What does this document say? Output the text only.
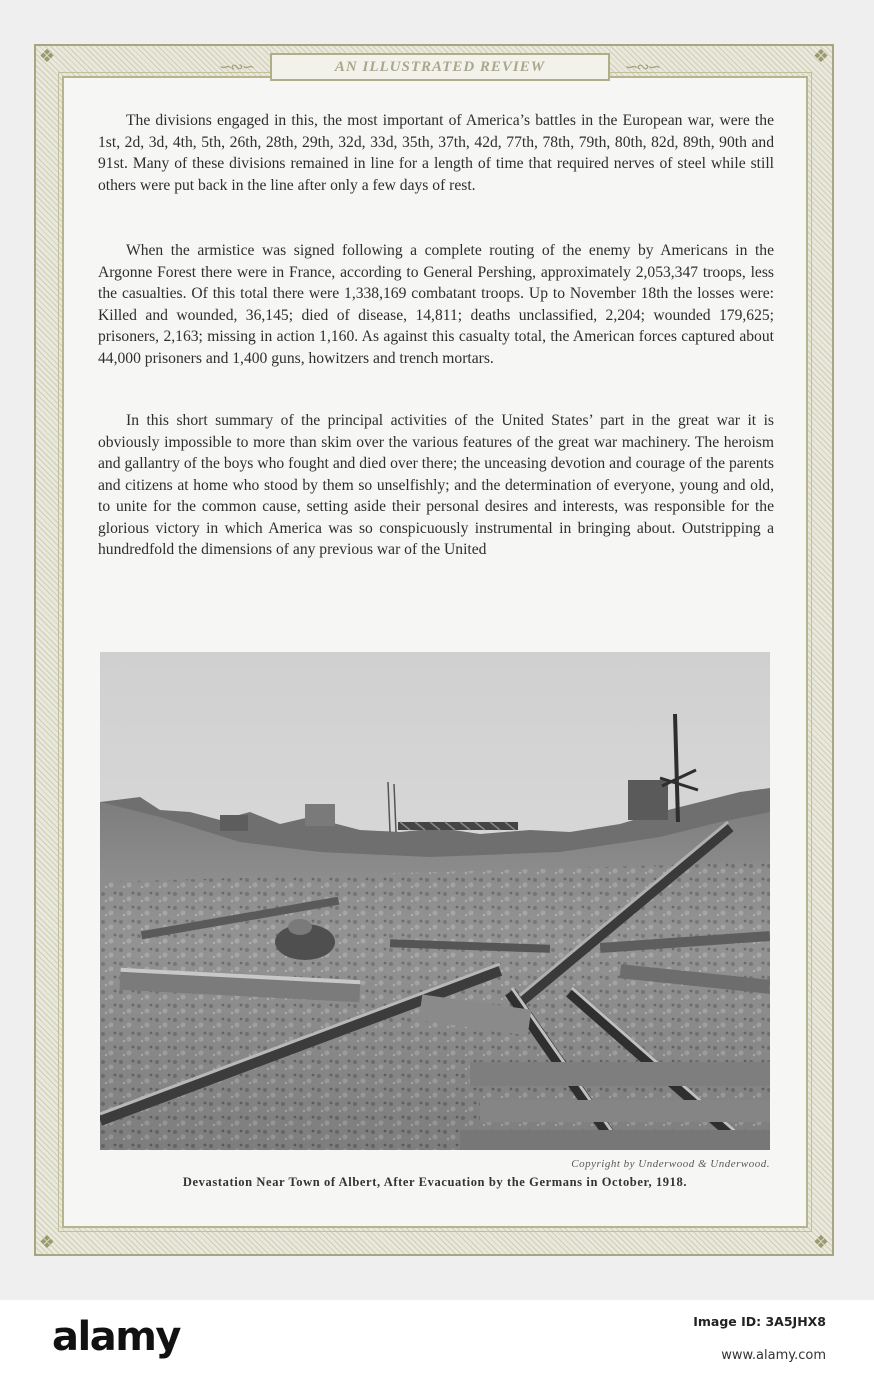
❖	❖
❖	❖
∽∾∽	∽∾∽
AN ILLUSTRATED REVIEW

The divisions engaged in this, the most important of America’s battles in the European war, were the 1st, 2d, 3d, 4th, 5th, 26th, 28th, 29th, 32d, 33d, 35th, 37th, 42d, 77th, 78th, 79th, 80th, 82d, 89th, 90th and 91st. Many of these divisions remained in line for a length of time that required nerves of steel while still others were put back in the line after only a few days of rest.

When the armistice was signed following a complete routing of the enemy by Americans in the Argonne Forest there were in France, according to General Pershing, approximately 2,053,347 troops, less the casualties. Of this total there were 1,338,169 combatant troops. Up to November 18th the losses were: Killed and wounded, 36,145; died of disease, 14,811; deaths unclassified, 2,204; wounded 179,625; prisoners, 2,163; missing in action 1,160. As against this casualty total, the American forces captured about 44,000 prisoners and 1,400 guns, howitzers and trench mortars.

In this short summary of the principal activities of the United States’ part in the great war it is obviously impossible to more than skim over the various features of the great war machinery. The heroism and gallantry of the boys who fought and died over there; the unceasing devotion and courage of the parents and citizens at home who stood by them so unselfishly; and the determination of everyone, young and old, to unite for the common cause, setting aside their personal desires and interests, was responsible for the glorious victory in which America was so conspicuously instrumental in bringing about. Outstripping a hundredfold the dimensions of any previous war of the United

Copyright by Underwood & Underwood.
Devastation Near Town of Albert, After Evacuation by the Germans in October, 1918.
alamy	Image ID: 3A5JHX8
www.alamy.com
